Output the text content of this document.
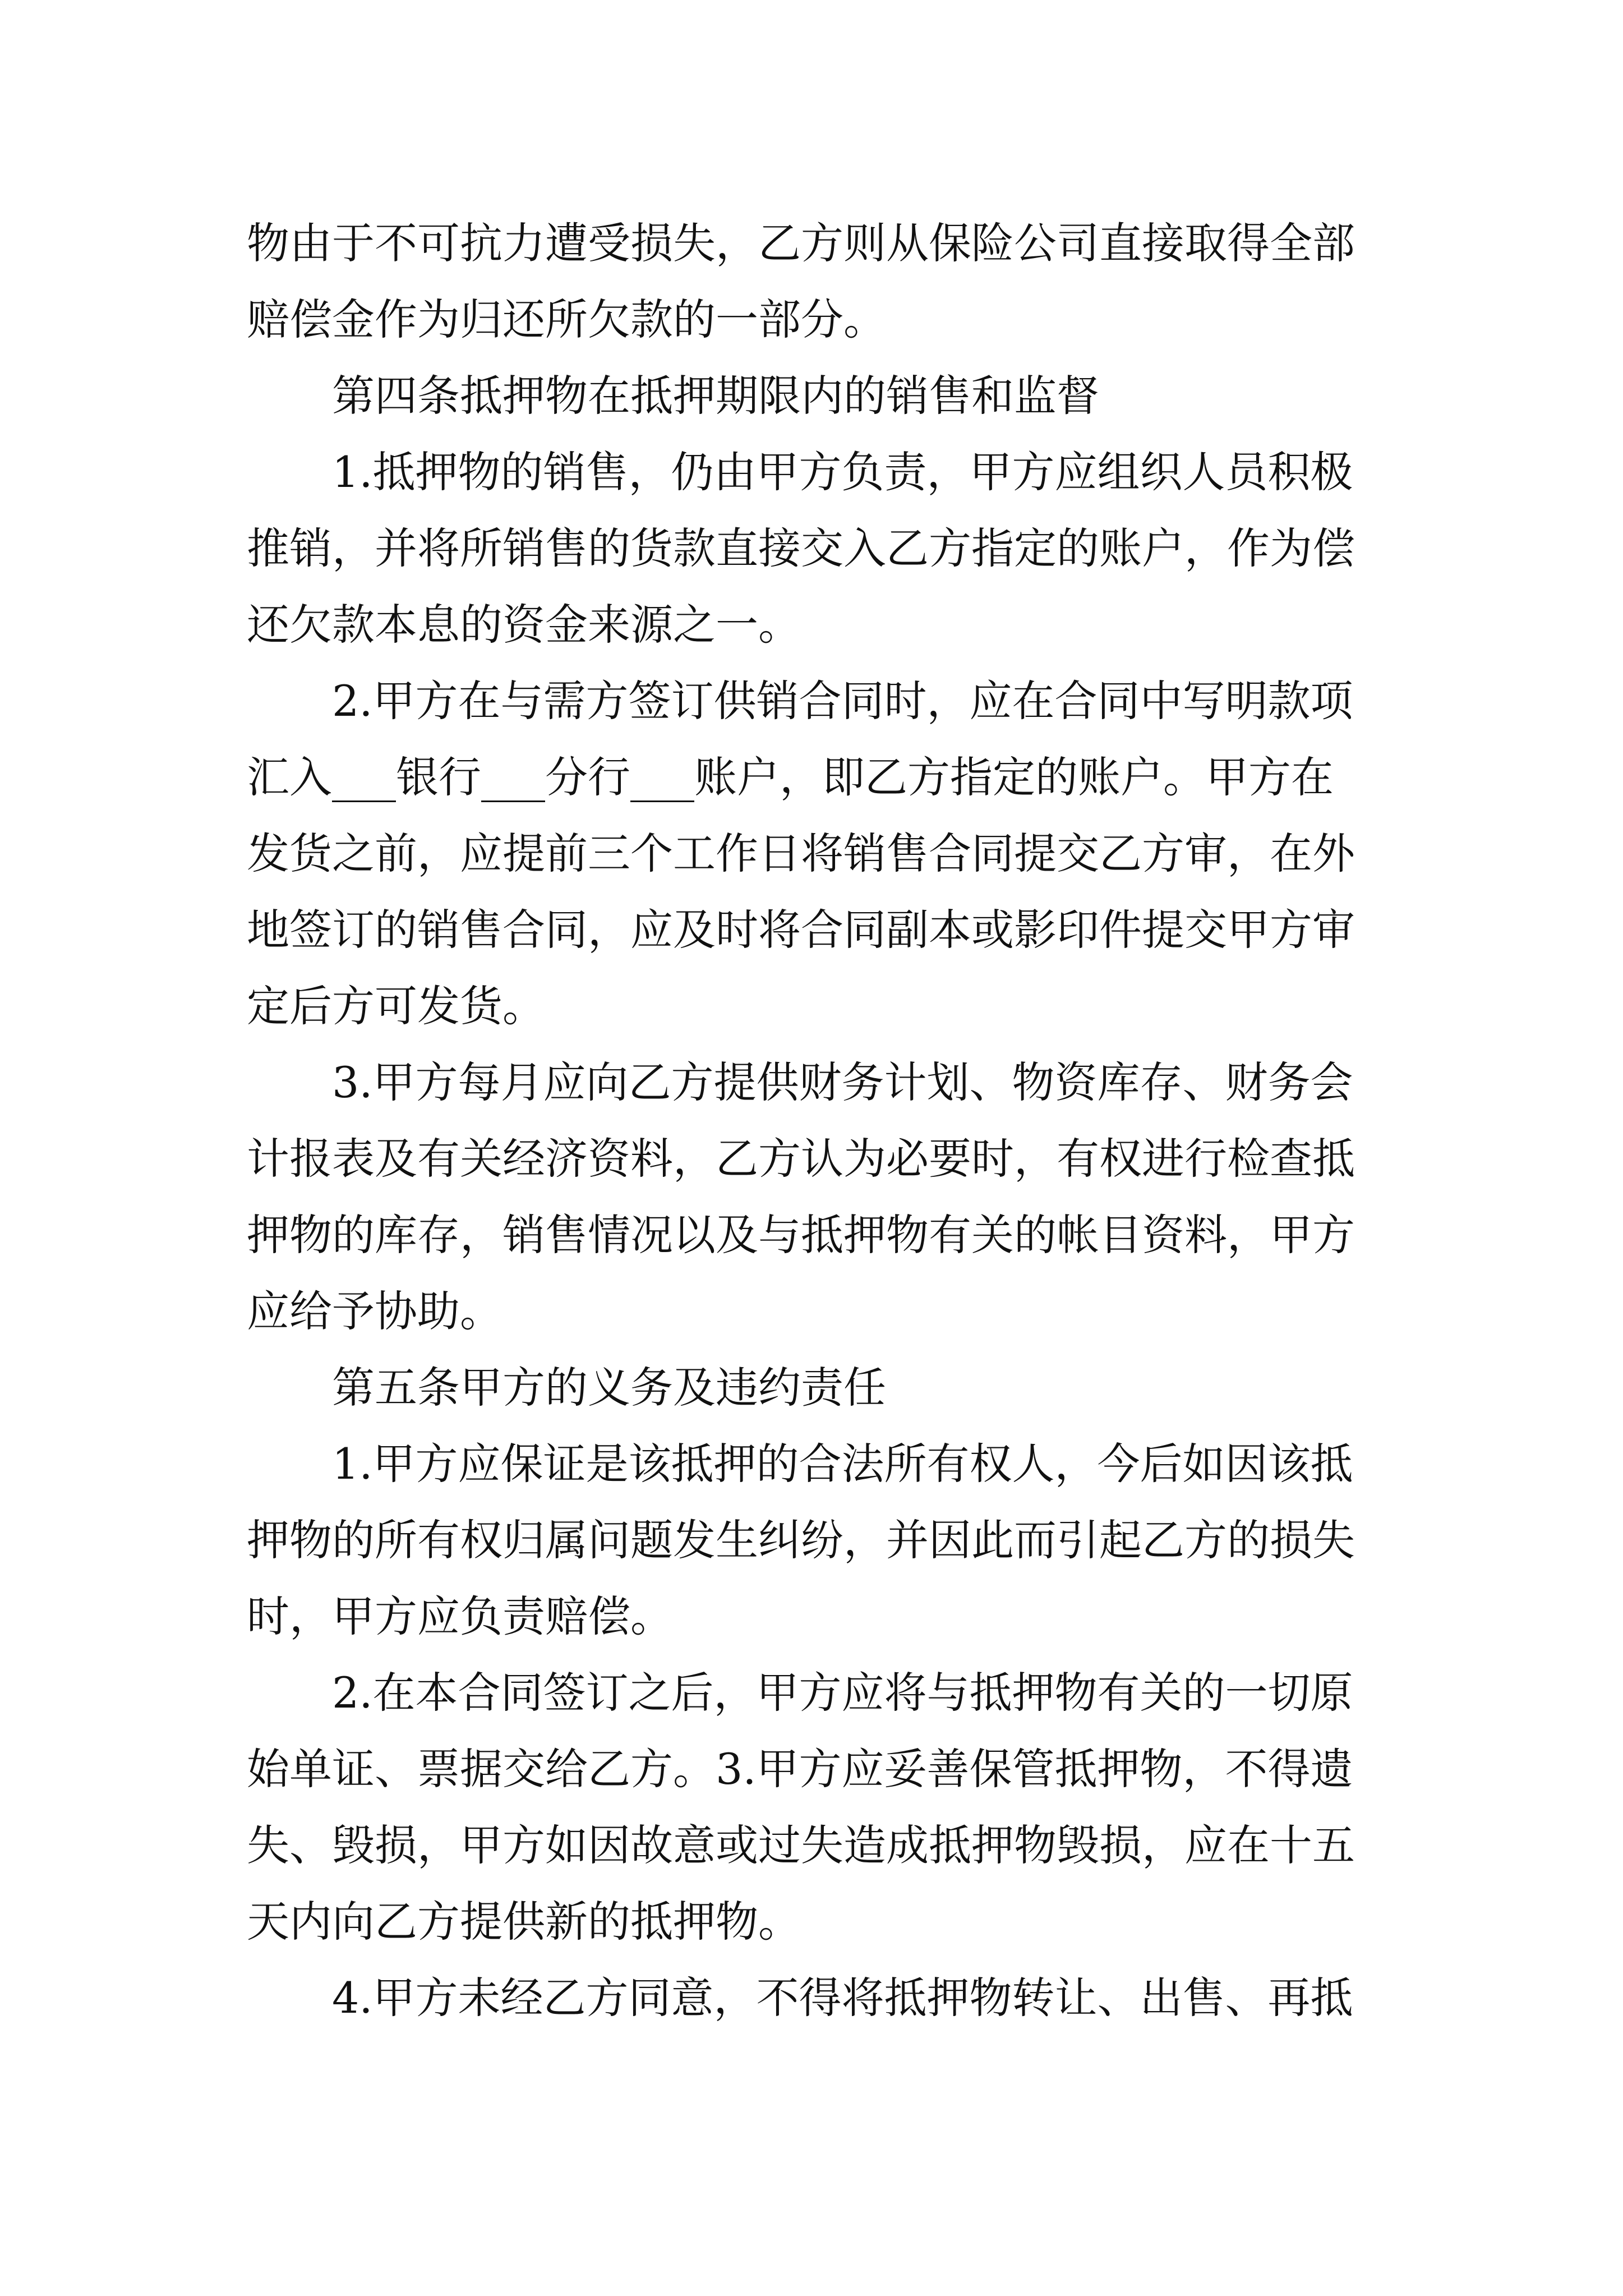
物由于不可抗力遭受损失，乙方则从保险公司直接取得全部
赔偿金作为归还所欠款的一部分。
第四条抵押物在抵押期限内的销售和监督
1.抵押物的销售，仍由甲方负责，甲方应组织人员积极
推销，并将所销售的货款直接交入乙方指定的账户，作为偿
还欠款本息的资金来源之一。
2.甲方在与需方签订供销合同时，应在合同中写明款项
汇入___银行___分行___账户，即乙方指定的账户。甲方在
发货之前，应提前三个工作日将销售合同提交乙方审，在外
地签订的销售合同，应及时将合同副本或影印件提交甲方审
定后方可发货。
3.甲方每月应向乙方提供财务计划、物资库存、财务会
计报表及有关经济资料，乙方认为必要时，有权进行检查抵
押物的库存，销售情况以及与抵押物有关的帐目资料，甲方
应给予协助。
第五条甲方的义务及违约责任
1.甲方应保证是该抵押的合法所有权人，今后如因该抵
押物的所有权归属问题发生纠纷，并因此而引起乙方的损失
时，甲方应负责赔偿。
2.在本合同签订之后，甲方应将与抵押物有关的一切原
始单证、票据交给乙方。3.甲方应妥善保管抵押物，不得遗
失、毁损，甲方如因故意或过失造成抵押物毁损，应在十五
天内向乙方提供新的抵押物。
4.甲方未经乙方同意，不得将抵押物转让、出售、再抵
